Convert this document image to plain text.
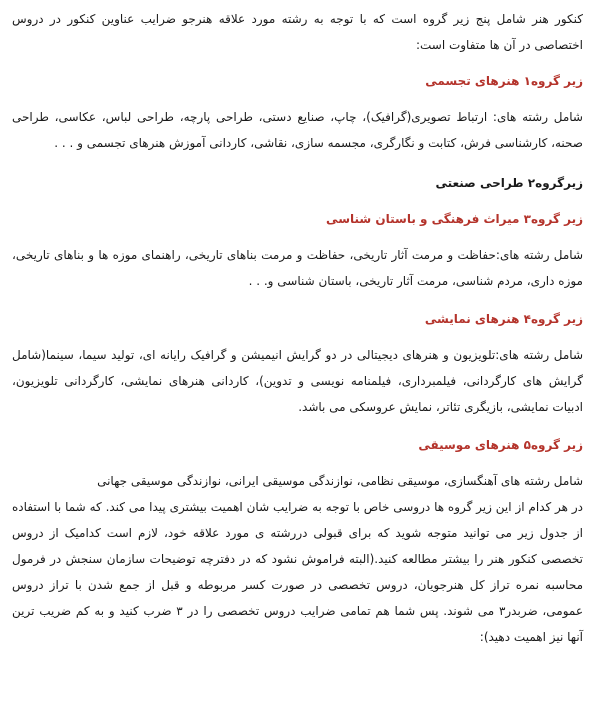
کنکور هنر شامل پنج زیر گروه است که با توجه به رشته مورد علاقه هنرجو ضرایب عناوین کنکور در دروس اختصاصی در آن ها متفاوت است:

زیر گروه۱ هنرهای تجسمی

شامل رشته های: ارتباط تصویری(گرافیک)، چاپ، صنایع دستی، طراحی پارچه، طراحی لباس، عکاسی، طراحی صحنه، کارشناسی فرش، کتابت و نگارگری، مجسمه سازی، نقاشی، کاردانی آموزش هنرهای تجسمی و . . .

زیرگروه۲ طراحی صنعتی

زیر گروه۳ میراث فرهنگی و باستان شناسی

شامل رشته های:حفاظت و مرمت آثار تاریخی، حفاظت و مرمت بناهای تاریخی، راهنمای موزه ها و بناهای تاریخی، موزه داری، مردم شناسی، مرمت آثار تاریخی، باستان شناسی و. . .

زیر گروه۴ هنرهای نمایشی

شامل رشته های:تلویزیون و هنرهای دیجیتالی در دو گرایش انیمیشن و گرافیک رایانه ای، تولید سیما، سینما(شامل گرایش های کارگردانی، فیلمبرداری، فیلمنامه نویسی و تدوین)، کاردانی هنرهای نمایشی، کارگردانی تلویزیون، ادبیات نمایشی، بازیگری تئاتر، نمایش عروسکی می باشد.

زیر گروه۵ هنرهای موسیقی

شامل رشته های آهنگسازی، موسیقی نظامی، نوازندگی موسیقی ایرانی، نوازندگی موسیقی جهانی

در هر کدام از این زیر گروه ها دروسی خاص با توجه به ضرایب شان اهمیت بیشتری پیدا می کند. که شما با استفاده از جدول زیر می توانید متوجه شوید که برای قبولی دررشته ی مورد علاقه خود، لازم است کدامیک از دروس تخصصی کنکور هنر را بیشتر مطالعه کنید.(البته فراموش نشود که در دفترچه توضیحات سازمان سنجش در فرمول محاسبه نمره تراز کل هنرجویان، دروس تخصصی در صورت کسر مربوطه و قبل از جمع شدن با تراز دروس عمومی، ضربدر۳ می شوند. پس شما هم تمامی ضرایب دروس تخصصی را در ۳ ضرب کنید و به کم ضریب ترین آنها نیز اهمیت دهید):
